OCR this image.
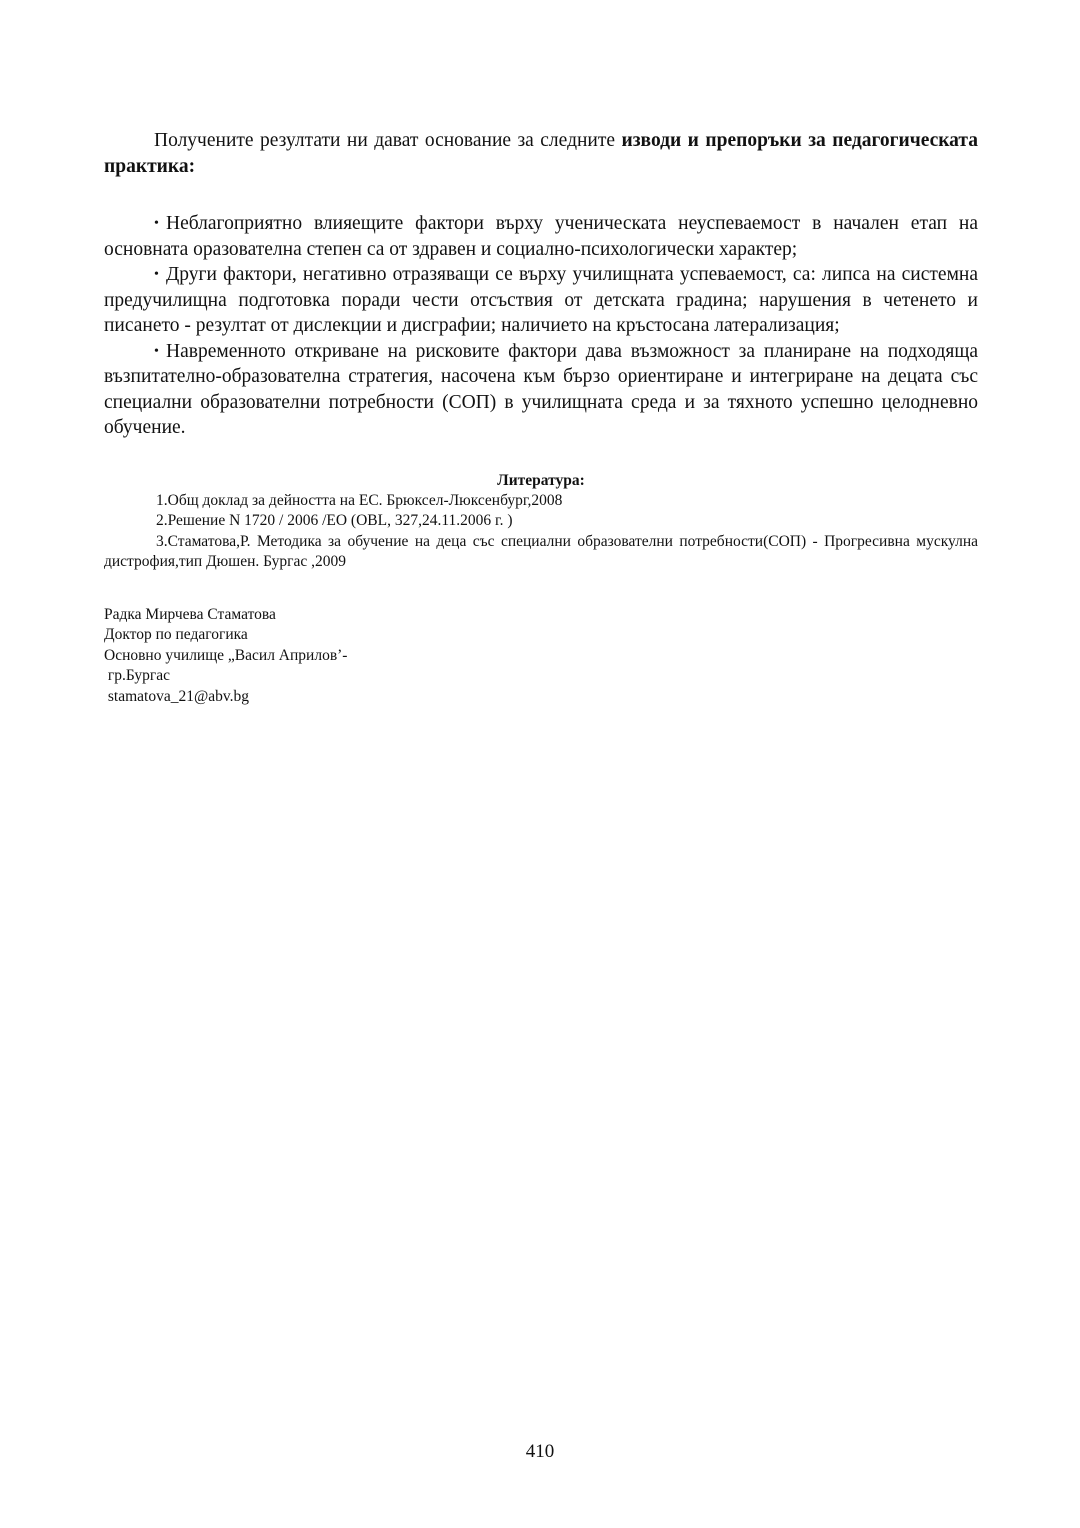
Получените резултати ни дават основание за следните изводи и препоръки за педагогическата практика:

• Неблагоприятно влияещите фактори върху ученическата неуспеваемост в начален етап на основната оразователна степен са от здравен и социално-психологически характер;

• Други фактори, негативно отразяващи се върху училищната успеваемост, са: липса на системна предучилищна подготовка поради чести отсъствия от детската градина; нарушения в четенето и писането - резултат от дислекции и дисграфии; наличието на кръстосана латерализация;

• Навременното откриване на рисковите фактори дава възможност за планиране на подходяща възпитателно-образователна стратегия, насочена към бързо ориентиране и интегриране на децата със специални образователни потребности (СОП) в училищната среда и за тяхното успешно целодневно обучение.

Литература:

1.Общ доклад за дейността на ЕС. Брюксел-Люксенбург,2008

2.Решение N 1720 / 2006 /ЕО (OBL, 327,24.11.2006 г. )

3.Стаматова,Р. Методика за обучение на деца със специални образователни потребности(СОП) - Прогресивна мускулна дистрофия,тип Дюшен. Бургас ,2009

Радка Мирчева Стаматова
Доктор по педагогика
Основно училище „Васил Априлов’-
гр.Бургас
stamatova_21@abv.bg
410
